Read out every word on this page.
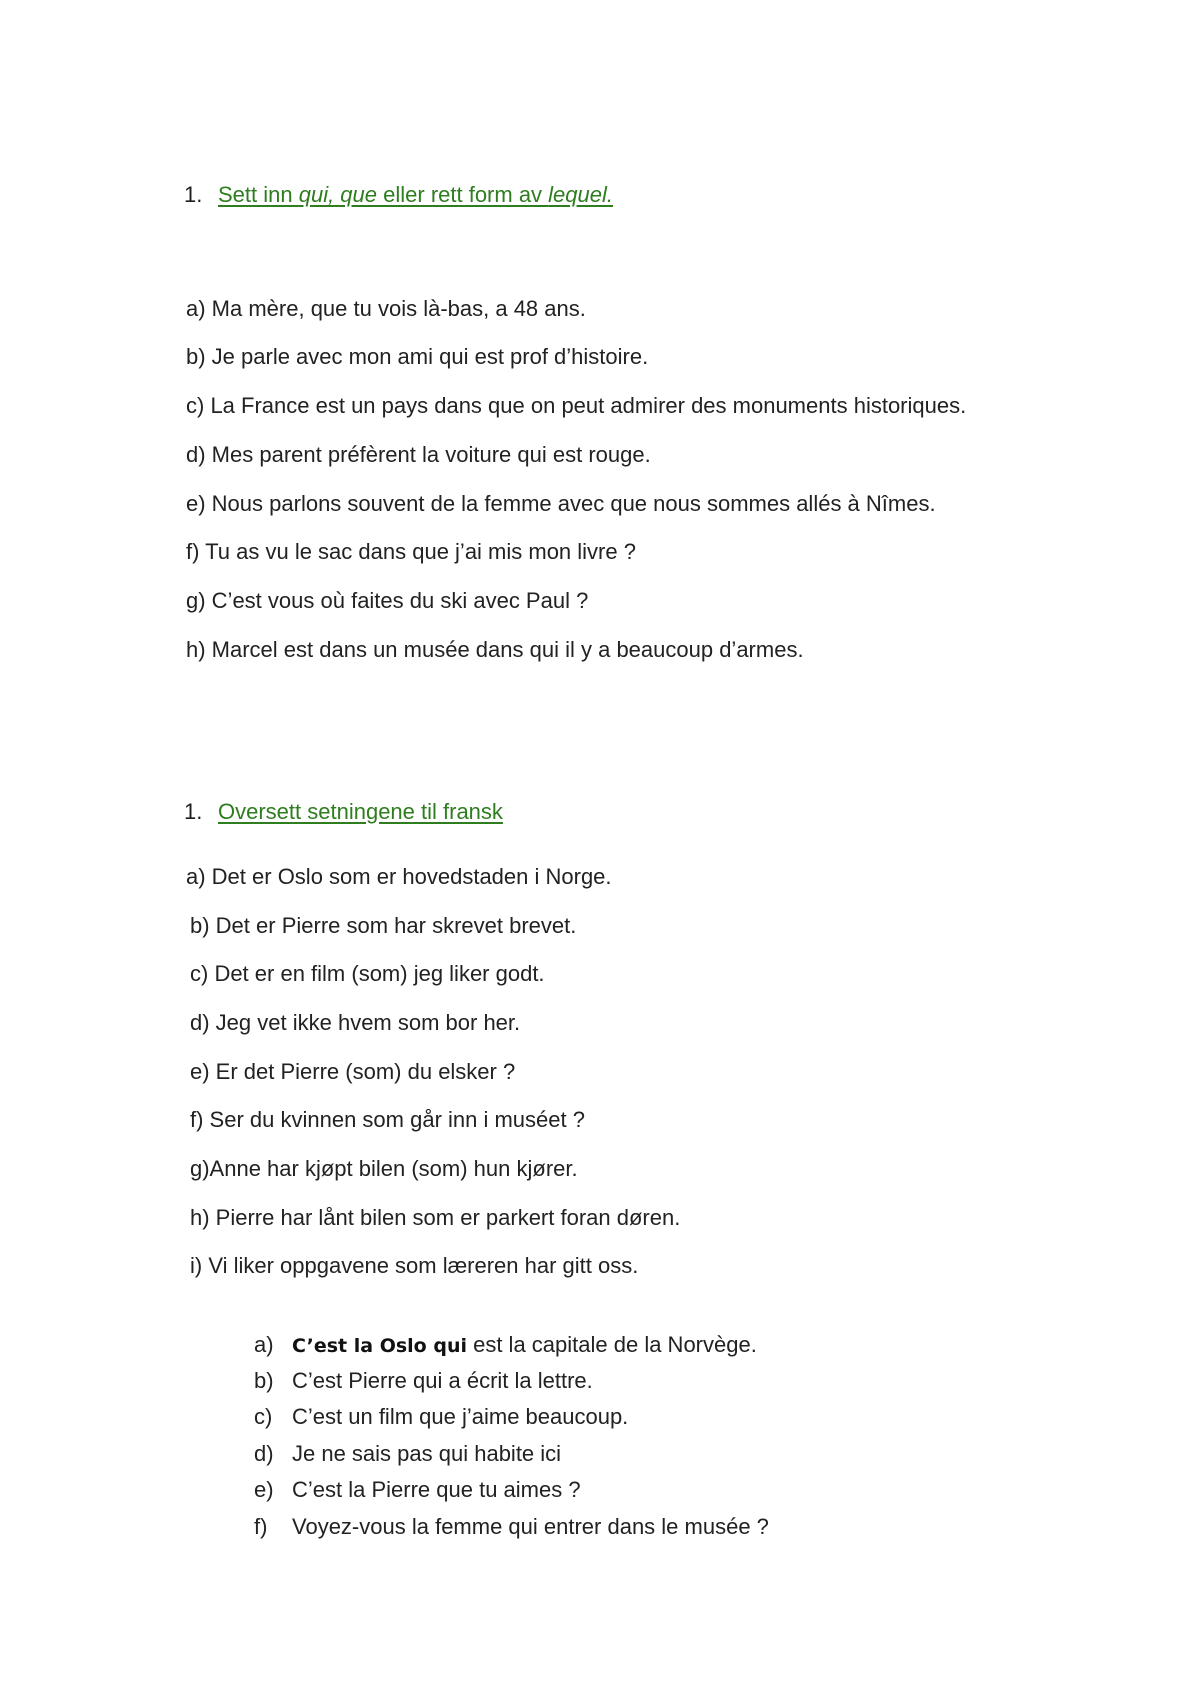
1. Sett inn qui, que eller rett form av lequel.
a) Ma mère, que tu vois là-bas, a 48 ans.
b) Je parle avec mon ami qui est prof d’histoire.
c) La France est un pays dans que on peut admirer des monuments historiques.
d) Mes parent préfèrent la voiture qui est rouge.
e) Nous parlons souvent de la femme avec que nous sommes allés à Nîmes.
f) Tu as vu le sac dans que j’ai mis mon livre ?
g) C’est vous où faites du ski avec Paul ?
h) Marcel est dans un musée dans qui il y a beaucoup d’armes.
1. Oversett setningene til fransk
a) Det er Oslo som er hovedstaden i Norge.
b) Det er Pierre som har skrevet brevet.
c) Det er en film (som) jeg liker godt.
d) Jeg vet ikke hvem som bor her.
e) Er det Pierre (som) du elsker ?
f) Ser du kvinnen som går inn i muséet ?
g)Anne har kjøpt bilen (som) hun kjører.
h) Pierre har lånt bilen som er parkert foran døren.
i) Vi liker oppgavene som læreren har gitt oss.
a) C’est la Oslo qui est la capitale de la Norvège.
b) C’est Pierre qui a écrit la lettre.
c) C’est un film que j’aime beaucoup.
d) Je ne sais pas qui habite ici
e) C’est la Pierre que tu aimes ?
f)	Voyez-vous la femme qui entrer dans le musée ?
